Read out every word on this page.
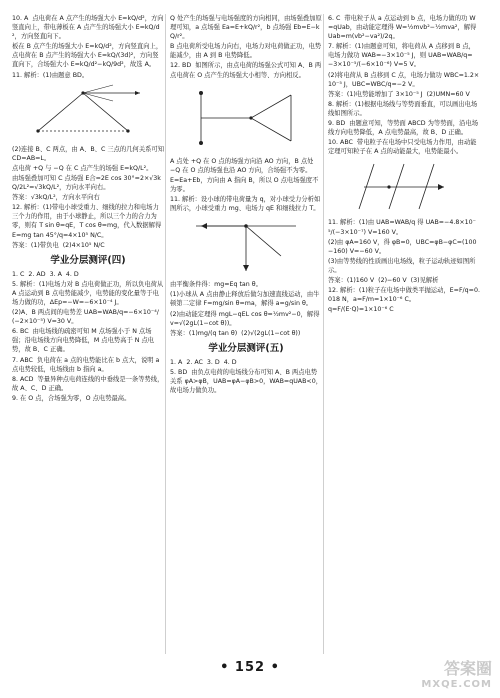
10. A  点电荷在 A 点产生的场强大小 E=kQ/d²，方向竖直向上，带电薄板在 A 点产生的场强大小 E=kQ/d²，方向竖直向下。

板在 B 点产生的场强大小 E=kQ/d²，方向竖直向上，点电荷在 B 点产生的场强大小 E=kQ/(3d)²，方向竖直向下，合场强大小 E=kQ/d²−kQ/9d²，故选 A。

11. 解析：(1)由题意 BD。

(2)连接 B、C 两点，由 A、B、C 三点的几何关系可知 CD=AB=L。

点电荷 +Q 与 −Q 在 C 点产生的场强 E=kQ/L²。

由场强叠加可知 C 点场强 E合=2E cos 30°=2×√3kQ/2L²=√3kQ/L²，方向水平向右。

答案：√3kQ/L²，方向水平向右

12. 解析：(1)带电小球受重力、细线的拉力和电场力三个力的作用，由于小球静止，所以三个力的合力为零，则有 T sin θ=qE，T cos θ=mg，代入数据解得 E=mg tan 45°/q=4×10⁵ N/C。

答案：(1)带负电  (2)4×10⁵ N/C

学业分层测评(四)

1. C  2. AD  3. A  4. D

5. 解析：(1)电场力对 B 点电荷做正功，所以负电荷从 A 点运动到 B 点电势能减少，电势能的变化量等于电场力做的功，ΔEp=−W=−6×10⁻⁴ J。

(2)A、B 两点间的电势差 UAB=WAB/q=−6×10⁻⁴/(−2×10⁻⁵) V=30 V。

6. BC  由电场线的疏密可知 M 点场强小于 N 点场强；沿电场线方向电势降低，M 点电势高于 N 点电势，故 B、C 正确。

7. ABC  负电荷在 a 点的电势能比在 b 点大，说明 a 点电势较低，电场线由 b 指向 a。

8. ACD  等量异种点电荷连线的中垂线是一条等势线，故 A、C、D 正确。

9. 在 O 点，合场强为零，O 点电势最高。

Q 处产生的场强与电场强度的方向相同，由场强叠加原理可知，a 点场强 Ea=E+kQ/r²，b 点场强 Eb=E−kQ/r²。

B 点电荷所受电场力向右，电场力对电荷做正功，电势能减少，由 A 到 B 电势降低。

12. BD  如图所示，由点电荷的场强公式可知 A、B 两点电荷在 O 点产生的场强大小相等、方向相反。

A 点处 +Q 在 O 点的场强方向沿 AO 方向，B 点处 −Q 在 O 点的场强也沿 AO 方向，合场强不为零。

E=Ea+Eb，方向由 A 指向 B，所以 O 点电场强度不为零。

11. 解析：设小球的带电荷量为 q，对小球受力分析如图所示，小球受重力 mg、电场力 qE 和细线拉力 T。

由平衡条件得：mg=Eq tan θ。

(1)小球从 A 点由静止释放后做匀加速直线运动，由牛顿第二定律 F=mg/sin θ=ma，解得 a=g/sin θ。

(2)由动能定理得 mgL−qEL cos θ=½mv²−0，解得 v=√(2gL(1−cot θ))。

答案：(1)mg/(q tan θ)  (2)√(2gL(1−cot θ))

学业分层测评(五)

1. A  2. AC  3. D  4. D

5. BD  由负点电荷的电场线分布可知 A、B 两点电势关系 φA>φB，UAB=φA−φB>0，WAB=qUAB<0，故电场力做负功。

6. C  带电粒子从 a 点运动到 b 点，电场力做的功 W=qUab，由动能定理得 W=½mvb²−½mva²，解得 Uab=m(vb²−va²)/2q。

7. 解析：(1)由题意可知，将电荷从 A 点移到 B 点，电场力做功 WAB=−3×10⁻⁵ J，则 UAB=WAB/q=−3×10⁻⁵/(−6×10⁻⁶) V=5 V。

(2)将电荷从 B 点移到 C 点，电场力做功 WBC=1.2×10⁻⁵ J，UBC=WBC/q=−2 V。

答案：(1)电势能增加了 3×10⁻⁵ J  (2)UMN=60 V

8. 解析：(1)根据电场线与等势面垂直，可以画出电场线如图所示。

9. BD  由题意可知，等势面 ABCD 为等势面，沿电场线方向电势降低，A 点电势最高，故 B、D 正确。

10. ABC  带电粒子在电场中只受电场力作用，由动能定理可知粒子在 A 点的动能最大，电势能最小。

11. 解析：(1)由 UAB=WAB/q 得 UAB=−4.8×10⁻⁵/(−3×10⁻⁷) V=160 V。

(2)由 φA=160 V，得 φB=0，UBC=φB−φC=(100−160) V=−60 V。

(3)由等势线的性质画出电场线，粒子运动轨迹如图所示。

答案：(1)160 V  (2)−60 V  (3)见解析

12. 解析：(1)粒子在电场中做类平抛运动，E=F/q=0.018 N，a=F/m=1×10⁻⁶ C。

q=F/(E·Q)=1×10⁻⁶ C

• 152 •	答案圈
MXQE.COM
